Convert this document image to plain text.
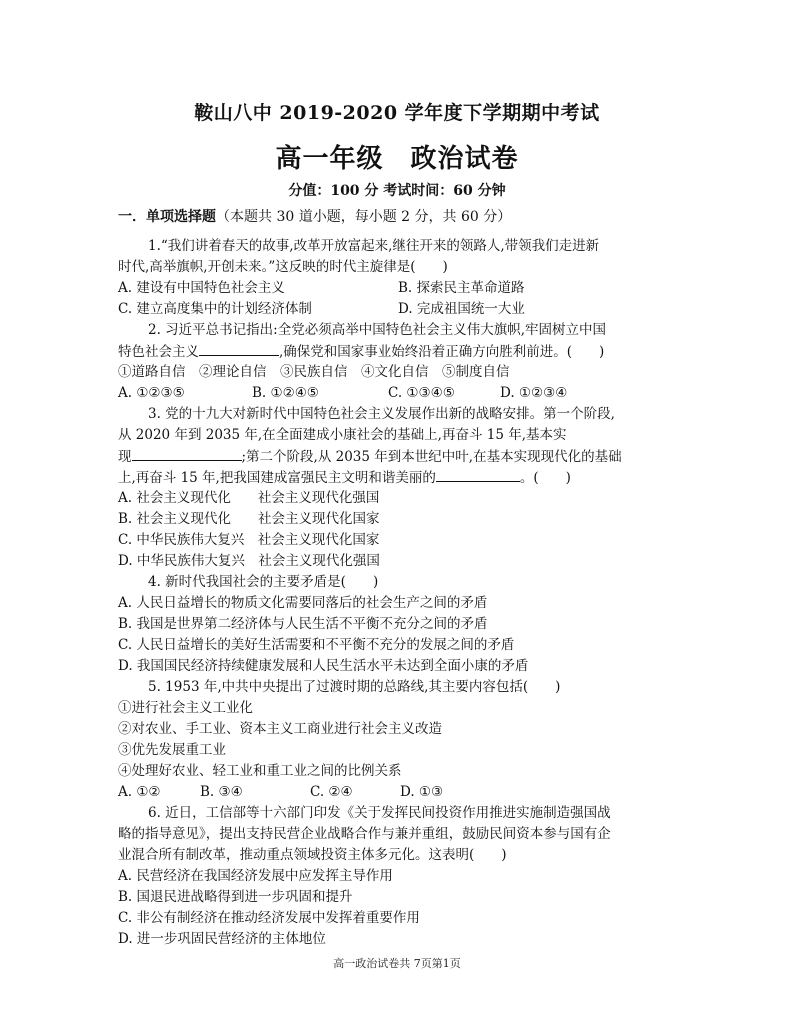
鞍山八中 2019-2020 学年度下学期期中考试
高一年级　政治试卷
分值：100 分 考试时间：60 分钟
一．单项选择题（本题共 30 道小题，每小题 2 分，共 60 分）
1.“我们讲着春天的故事,改革开放富起来,继往开来的领路人,带领我们走进新
时代,高举旗帜,开创未来。”这反映的时代主旋律是(　　)
A. 建设有中国特色社会主义	B. 探索民主革命道路
C. 建立高度集中的计划经济体制	D. 完成祖国统一大业
2. 习近平总书记指出:全党必须高举中国特色社会主义伟大旗帜,牢固树立中国
特色社会主义	,确保党和国家事业始终沿着正确方向胜利前进。(　　)
①道路自信　②理论自信　③民族自信　④文化自信　⑤制度自信
A. ①②③⑤	B. ①②④⑤	C. ①③④⑤	D. ①②③④
3. 党的十九大对新时代中国特色社会主义发展作出新的战略安排。第一个阶段,
从 2020 年到 2035 年,在全面建成小康社会的基础上,再奋斗 15 年,基本实
现	;第二个阶段,从 2035 年到本世纪中叶,在基本实现现代化的基础
上,再奋斗 15 年,把我国建成富强民主文明和谐美丽的	。(　　)
A. 社会主义现代化　　社会主义现代化强国
B. 社会主义现代化　　社会主义现代化国家
C. 中华民族伟大复兴　社会主义现代化国家
D. 中华民族伟大复兴　社会主义现代化强国
4. 新时代我国社会的主要矛盾是(　　)
A. 人民日益增长的物质文化需要同落后的社会生产之间的矛盾
B. 我国是世界第二经济体与人民生活不平衡不充分之间的矛盾
C. 人民日益增长的美好生活需要和不平衡不充分的发展之间的矛盾
D. 我国国民经济持续健康发展和人民生活水平未达到全面小康的矛盾
5. 1953 年,中共中央提出了过渡时期的总路线,其主要内容包括(　　)
①进行社会主义工业化
②对农业、手工业、资本主义工商业进行社会主义改造
③优先发展重工业
④处理好农业、轻工业和重工业之间的比例关系
A. ①②	B. ③④	C. ②④	D. ①③
6. 近日，工信部等十六部门印发《关于发挥民间投资作用推进实施制造强国战
略的指导意见》，提出支持民营企业战略合作与兼并重组，鼓励民间资本参与国有企
业混合所有制改革，推动重点领域投资主体多元化。这表明(　　)
A. 民营经济在我国经济发展中应发挥主导作用
B. 国退民进战略得到进一步巩固和提升
C. 非公有制经济在推动经济发展中发挥着重要作用
D. 进一步巩固民营经济的主体地位
高一政治试卷共 7页第1页
